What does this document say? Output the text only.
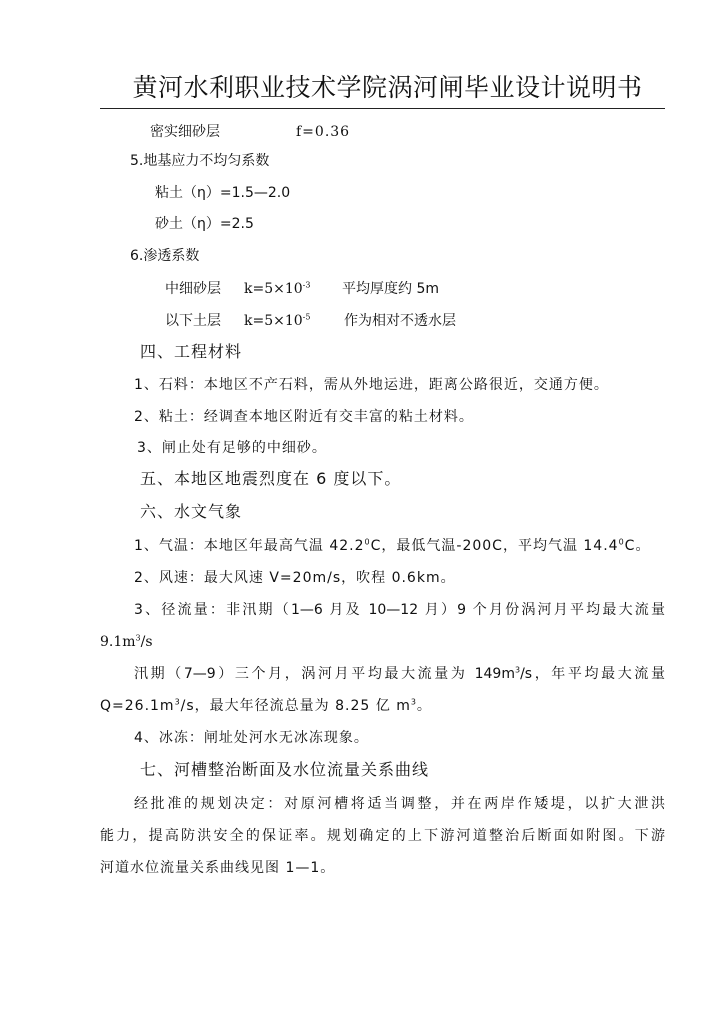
黄河水利职业技术学院涡河闸毕业设计说明书
密实细砂层	f=0.36
5.地基应力不均匀系数
粘土（η）=1.5—2.0
砂土（η）=2.5
6.渗透系数
中细砂层 $k=5\times 10^{-3}$ 平均厚度约 5m
以下土层 $k=5\times 10^{-5}$ 作为相对不透水层
四、工程材料
1、石料：本地区不产石料，需从外地运进，距离公路很近，交通方便。
2、粘土：经调查本地区附近有交丰富的粘土材料。
3、闸止处有足够的中细砂。
五、本地区地震烈度在 6 度以下。
六、水文气象
1、气温：本地区年最高气温 42.2$^0$C，最低气温-200C，平均气温 14.4$^0$C。
2、风速：最大风速 V=20m/s，吹程 0.6km。
3、径流量：非汛期（1—6 月及 10—12 月）9 个月份涡河月平均最大流量
$9.1m^3/s$
汛期（7—9）三个月，涡河月平均最大流量为 $149m^3/s$，年平均最大流量
$Q=26.1m^3/s$，最大年径流总量为 8.25 亿 $m^3$。
4、冰冻：闸址处河水无冰冻现象。
七、河槽整治断面及水位流量关系曲线
经批准的规划决定：对原河槽将适当调整，并在两岸作矮堤，以扩大泄洪
能力，提高防洪安全的保证率。规划确定的上下游河道整治后断面如附图。下游
河道水位流量关系曲线见图 1—1。
